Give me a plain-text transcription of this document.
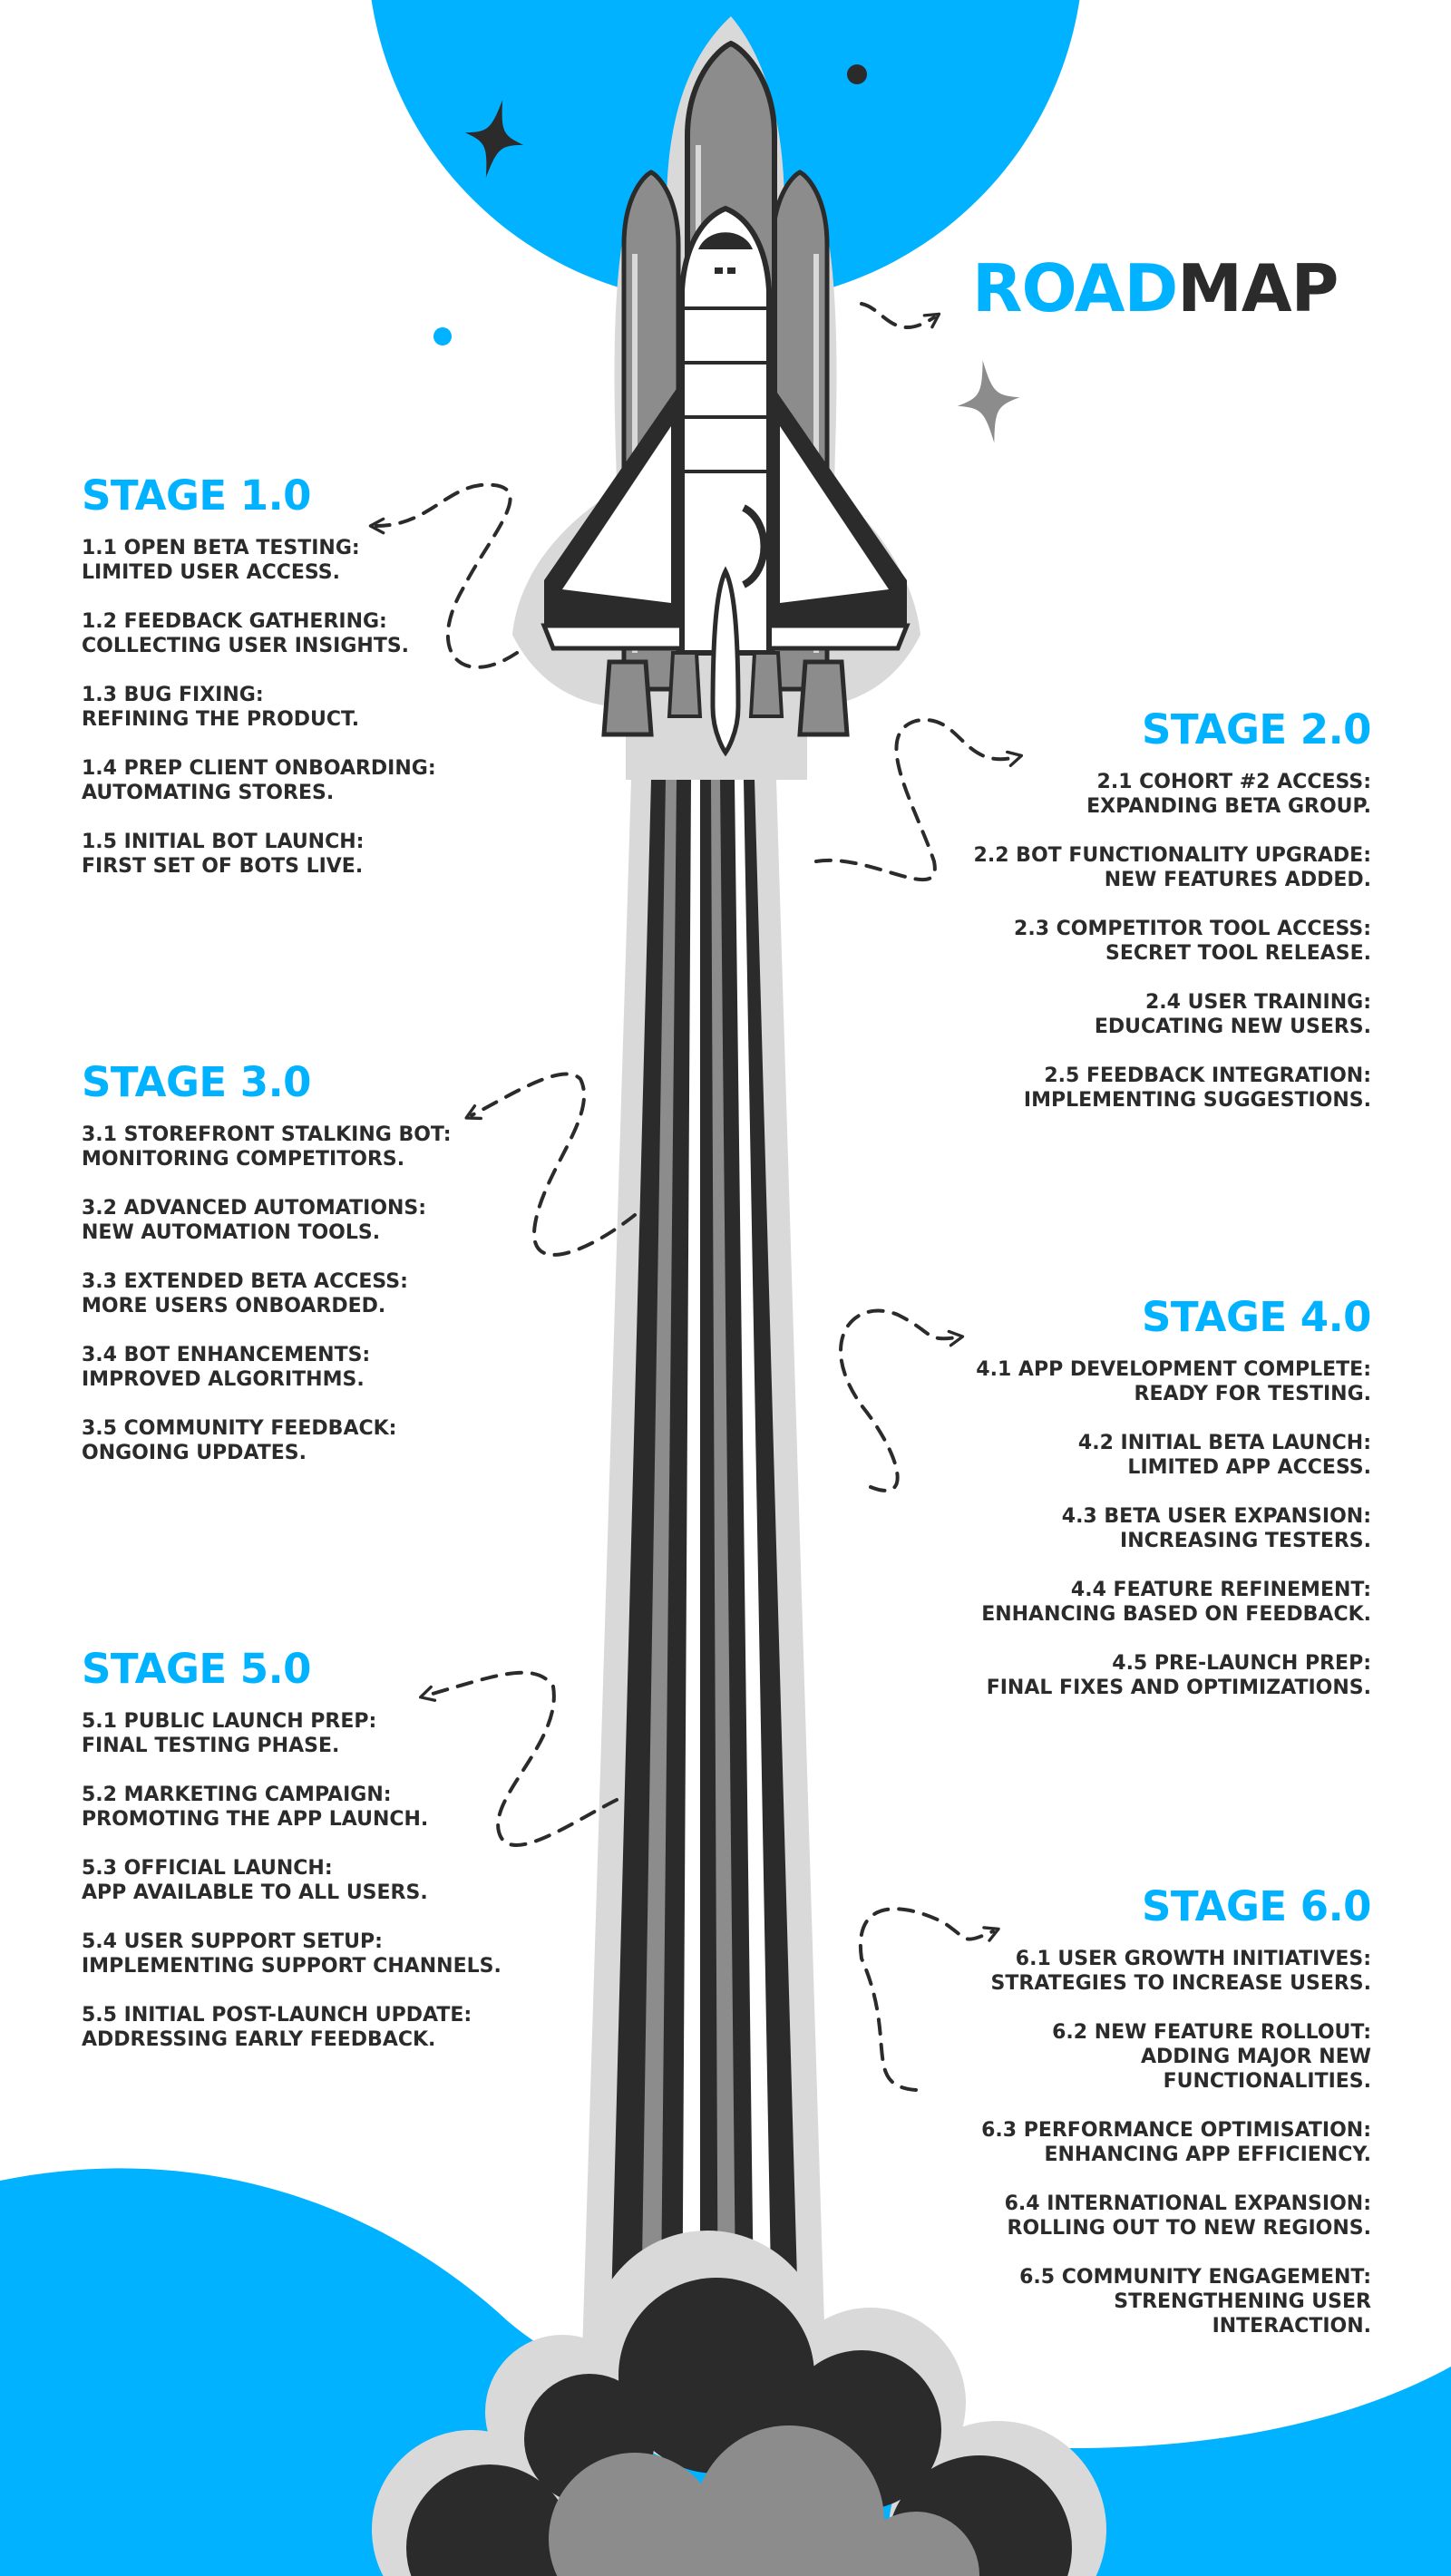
ROADMAP
STAGE 1.0
1.1 OPEN BETA TESTING:
LIMITED USER ACCESS.
1.2 FEEDBACK GATHERING:
COLLECTING USER INSIGHTS.
1.3 BUG FIXING:
REFINING THE PRODUCT.
1.4 PREP CLIENT ONBOARDING:
AUTOMATING STORES.
1.5 INITIAL BOT LAUNCH:
FIRST SET OF BOTS LIVE.
STAGE 2.0
2.1 COHORT #2 ACCESS:
EXPANDING BETA GROUP.
2.2 BOT FUNCTIONALITY UPGRADE:
NEW FEATURES ADDED.
2.3 COMPETITOR TOOL ACCESS:
SECRET TOOL RELEASE.
2.4 USER TRAINING:
EDUCATING NEW USERS.
2.5 FEEDBACK INTEGRATION:
IMPLEMENTING SUGGESTIONS.
STAGE 3.0
3.1 STOREFRONT STALKING BOT:
MONITORING COMPETITORS.
3.2 ADVANCED AUTOMATIONS:
NEW AUTOMATION TOOLS.
3.3 EXTENDED BETA ACCESS:
MORE USERS ONBOARDED.
3.4 BOT ENHANCEMENTS:
IMPROVED ALGORITHMS.
3.5 COMMUNITY FEEDBACK:
ONGOING UPDATES.
STAGE 4.0
4.1 APP DEVELOPMENT COMPLETE:
READY FOR TESTING.
4.2 INITIAL BETA LAUNCH:
LIMITED APP ACCESS.
4.3 BETA USER EXPANSION:
INCREASING TESTERS.
4.4 FEATURE REFINEMENT:
ENHANCING BASED ON FEEDBACK.
4.5 PRE-LAUNCH PREP:
FINAL FIXES AND OPTIMIZATIONS.
STAGE 5.0
5.1 PUBLIC LAUNCH PREP:
FINAL TESTING PHASE.
5.2 MARKETING CAMPAIGN:
PROMOTING THE APP LAUNCH.
5.3 OFFICIAL LAUNCH:
APP AVAILABLE TO ALL USERS.
5.4 USER SUPPORT SETUP:
IMPLEMENTING SUPPORT CHANNELS.
5.5 INITIAL POST-LAUNCH UPDATE:
ADDRESSING EARLY FEEDBACK.
STAGE 6.0
6.1 USER GROWTH INITIATIVES:
STRATEGIES TO INCREASE USERS.
6.2 NEW FEATURE ROLLOUT:
ADDING MAJOR NEW
FUNCTIONALITIES.
6.3 PERFORMANCE OPTIMISATION:
ENHANCING APP EFFICIENCY.
6.4 INTERNATIONAL EXPANSION:
ROLLING OUT TO NEW REGIONS.
6.5 COMMUNITY ENGAGEMENT:
STRENGTHENING USER
INTERACTION.
